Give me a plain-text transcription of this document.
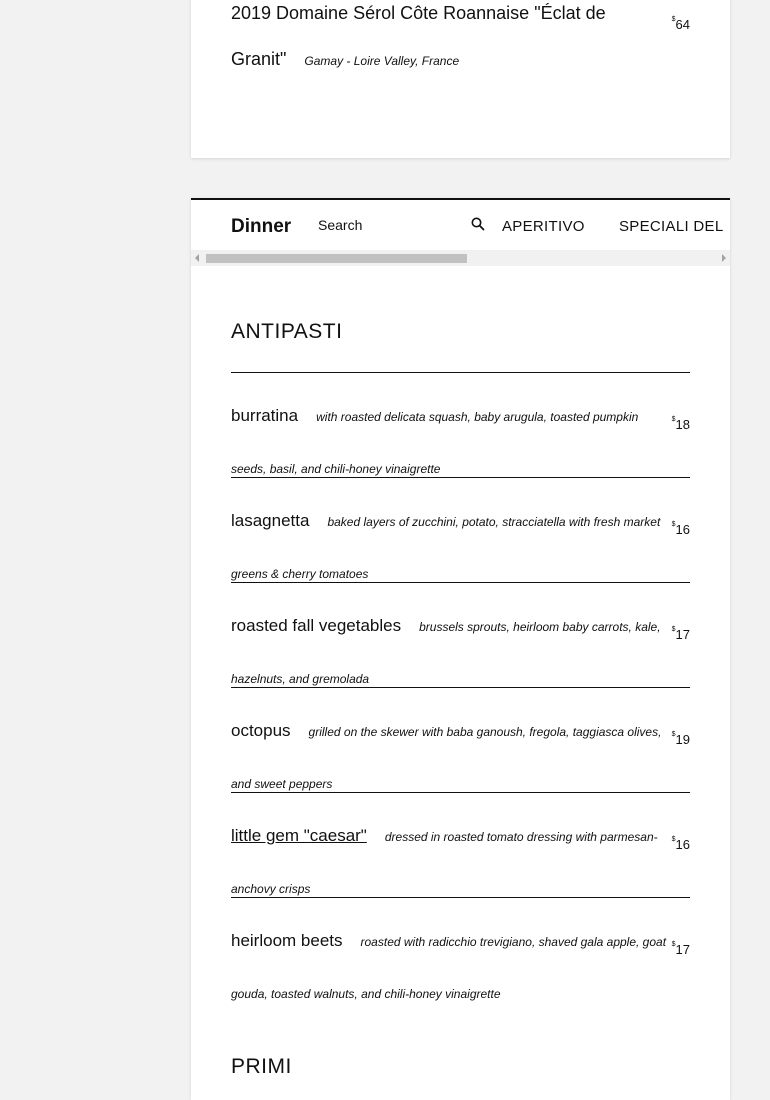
2019 Domaine Sérol Côte Roannaise "Éclat de Granit" Gamay - Loire Valley, France
$64
Dinner
Search	APERITIVO SPECIALI DEL
ANTIPASTI
burratina with roasted delicata squash, baby arugula, toasted pumpkin seeds, basil, and chili-honey vinaigrette
$18
lasagnetta baked layers of zucchini, potato, stracciatella with fresh market greens & cherry tomatoes
$16
roasted fall vegetables brussels sprouts, heirloom baby carrots, kale, hazelnuts, and gremolada
$17
octopus grilled on the skewer with baba ganoush, fregola, taggiasca olives, and sweet peppers
$19
little gem "caesar" dressed in roasted tomato dressing with parmesan-anchovy crisps
$16
heirloom beets roasted with radicchio trevigiano, shaved gala apple, goat gouda, toasted walnuts, and chili-honey vinaigrette
$17
PRIMI
